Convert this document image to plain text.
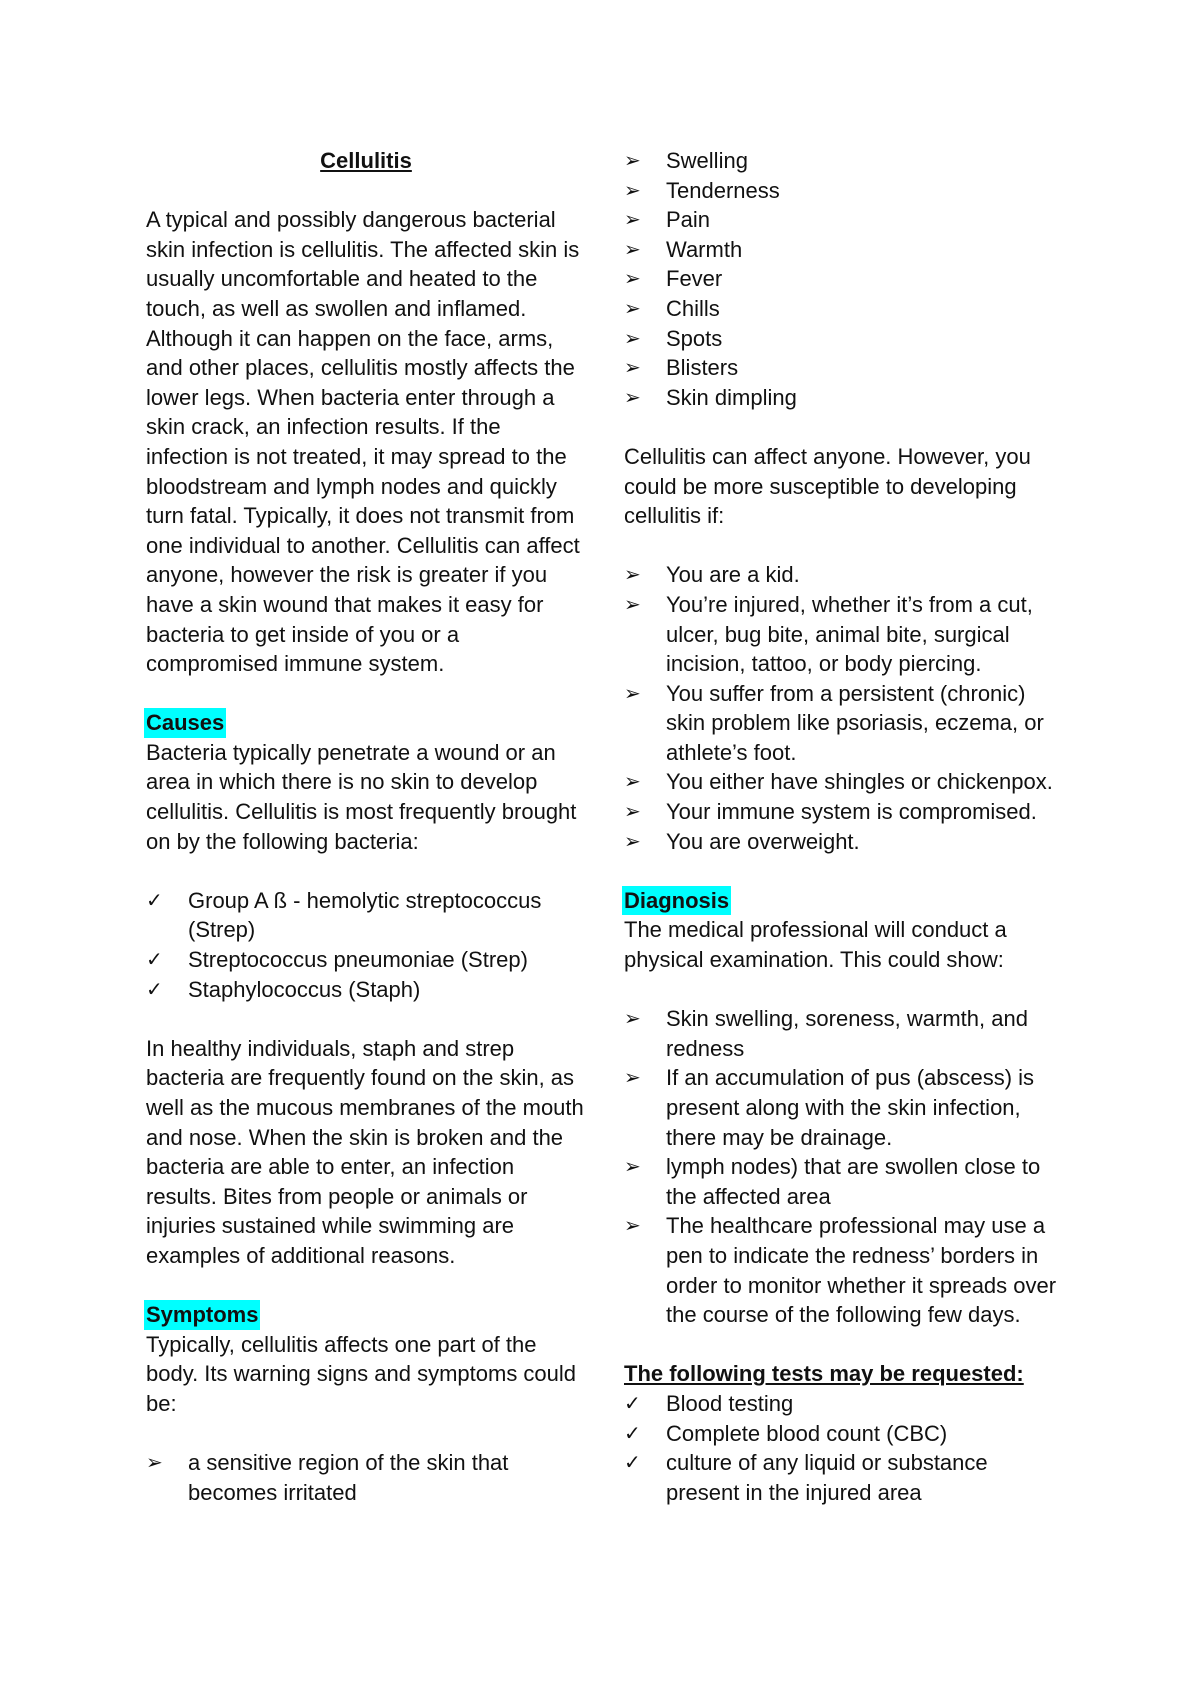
Cellulitis

A typical and possibly dangerous bacterial skin infection is cellulitis. The affected skin is usually uncomfortable and heated to the touch, as well as swollen and inflamed. Although it can happen on the face, arms, and other places, cellulitis mostly affects the lower legs. When bacteria enter through a skin crack, an infection results. If the infection is not treated, it may spread to the bloodstream and lymph nodes and quickly turn fatal. Typically, it does not transmit from one individual to another. Cellulitis can affect anyone, however the risk is greater if you have a skin wound that makes it easy for bacteria to get inside of you or a compromised immune system.

Causes

Bacteria typically penetrate a wound or an area in which there is no skin to develop cellulitis. Cellulitis is most frequently brought on by the following bacteria:

✓	Group A ß - hemolytic streptococcus (Strep)
✓	Streptococcus pneumoniae (Strep)
✓	Staphylococcus (Staph)

In healthy individuals, staph and strep bacteria are frequently found on the skin, as well as the mucous membranes of the mouth and nose. When the skin is broken and the bacteria are able to enter, an infection results. Bites from people or animals or injuries sustained while swimming are examples of additional reasons.

Symptoms

Typically, cellulitis affects one part of the body. Its warning signs and symptoms could be:

➢	a sensitive region of the skin that becomes irritated
➢	Swelling
➢	Tenderness
➢	Pain
➢	Warmth
➢	Fever
➢	Chills
➢	Spots
➢	Blisters
➢	Skin dimpling

Cellulitis can affect anyone. However, you could be more susceptible to developing cellulitis if:

➢	You are a kid.
➢	You’re injured, whether it’s from a cut, ulcer, bug bite, animal bite, surgical incision, tattoo, or body piercing.
➢	You suffer from a persistent (chronic) skin problem like psoriasis, eczema, or athlete’s foot.
➢	You either have shingles or chickenpox.
➢	Your immune system is compromised.
➢	You are overweight.

Diagnosis

The medical professional will conduct a physical examination. This could show:

➢	Skin swelling, soreness, warmth, and redness
➢	If an accumulation of pus (abscess) is present along with the skin infection, there may be drainage.
➢	lymph nodes) that are swollen close to the affected area
➢	The healthcare professional may use a pen to indicate the redness’ borders in order to monitor whether it spreads over the course of the following few days.

The following tests may be requested:

✓	Blood testing
✓	Complete blood count (CBC)
✓	culture of any liquid or substance present in the injured area
